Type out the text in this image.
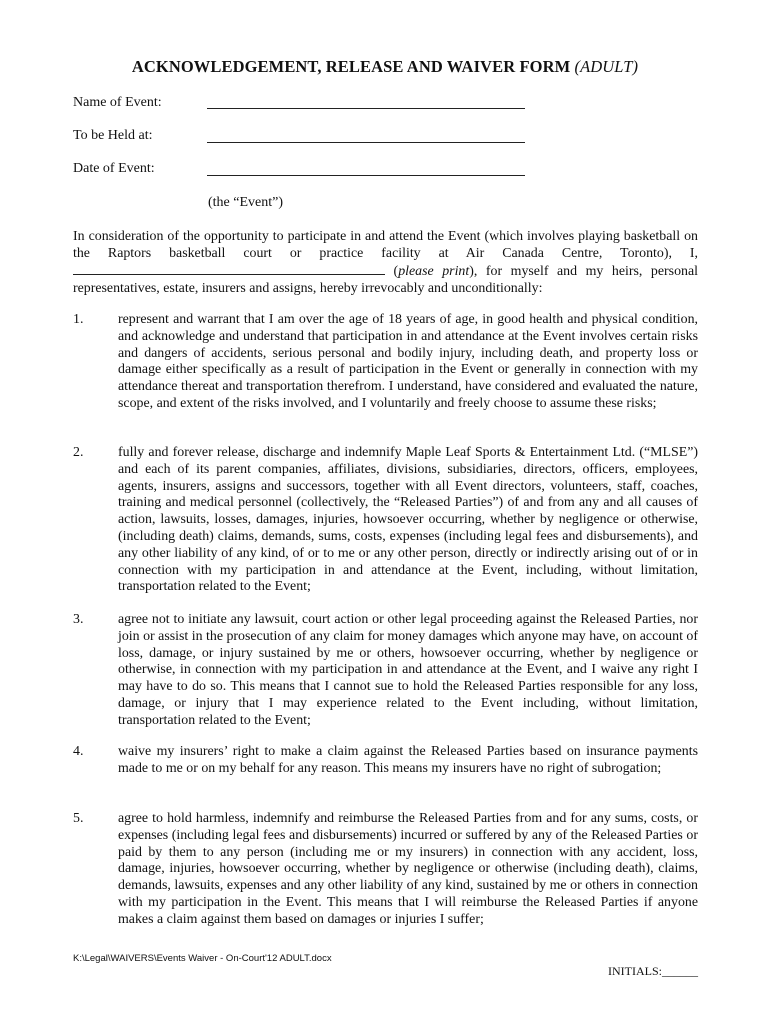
ACKNOWLEDGEMENT, RELEASE AND WAIVER FORM (ADULT)
Name of Event:
To be Held at:
Date of Event:
(the “Event”)
In consideration of the opportunity to participate in and attend the Event (which involves playing basketball on the Raptors basketball court or practice facility at Air Canada Centre, Toronto), I,  (please print), for myself and my heirs, personal representatives, estate, insurers and assigns, hereby irrevocably and unconditionally:
1. represent and warrant that I am over the age of 18 years of age, in good health and physical condition, and acknowledge and understand that participation in and attendance at the Event involves certain risks and dangers of accidents, serious personal and bodily injury, including death, and property loss or damage either specifically as a result of participation in the Event or generally in connection with my attendance thereat and transportation therefrom. I understand, have considered and evaluated the nature, scope, and extent of the risks involved, and I voluntarily and freely choose to assume these risks;
2. fully and forever release, discharge and indemnify Maple Leaf Sports & Entertainment Ltd. (“MLSE”) and each of its parent companies, affiliates, divisions, subsidiaries, directors, officers, employees, agents, insurers, assigns and successors, together with all Event directors, volunteers, staff, coaches, training and medical personnel (collectively, the “Released Parties”) of and from any and all causes of action, lawsuits, losses, damages, injuries, howsoever occurring, whether by negligence or otherwise, (including death) claims, demands, sums, costs, expenses (including legal fees and disbursements), and any other liability of any kind, of or to me or any other person, directly or indirectly arising out of or in connection with my participation in and attendance at the Event, including, without limitation, transportation related to the Event;
3. agree not to initiate any lawsuit, court action or other legal proceeding against the Released Parties, nor join or assist in the prosecution of any claim for money damages which anyone may have, on account of loss, damage, or injury sustained by me or others, howsoever occurring, whether by negligence or otherwise, in connection with my participation in and attendance at the Event, and I waive any right I may have to do so. This means that I cannot sue to hold the Released Parties responsible for any loss, damage, or injury that I may experience related to the Event including, without limitation, transportation related to the Event;
4. waive my insurers’ right to make a claim against the Released Parties based on insurance payments made to me or on my behalf for any reason. This means my insurers have no right of subrogation;
5. agree to hold harmless, indemnify and reimburse the Released Parties from and for any sums, costs, or expenses (including legal fees and disbursements) incurred or suffered by any of the Released Parties or paid by them to any person (including me or my insurers) in connection with any accident, loss, damage, injuries, howsoever occurring, whether by negligence or otherwise (including death), claims, demands, lawsuits, expenses and any other liability of any kind, sustained by me or others in connection with my participation in the Event. This means that I will reimburse the Released Parties if anyone makes a claim against them based on damages or injuries I suffer;
K:\Legal\WAIVERS\Events Waiver - On-Court'12 ADULT.docx
INITIALS:______
